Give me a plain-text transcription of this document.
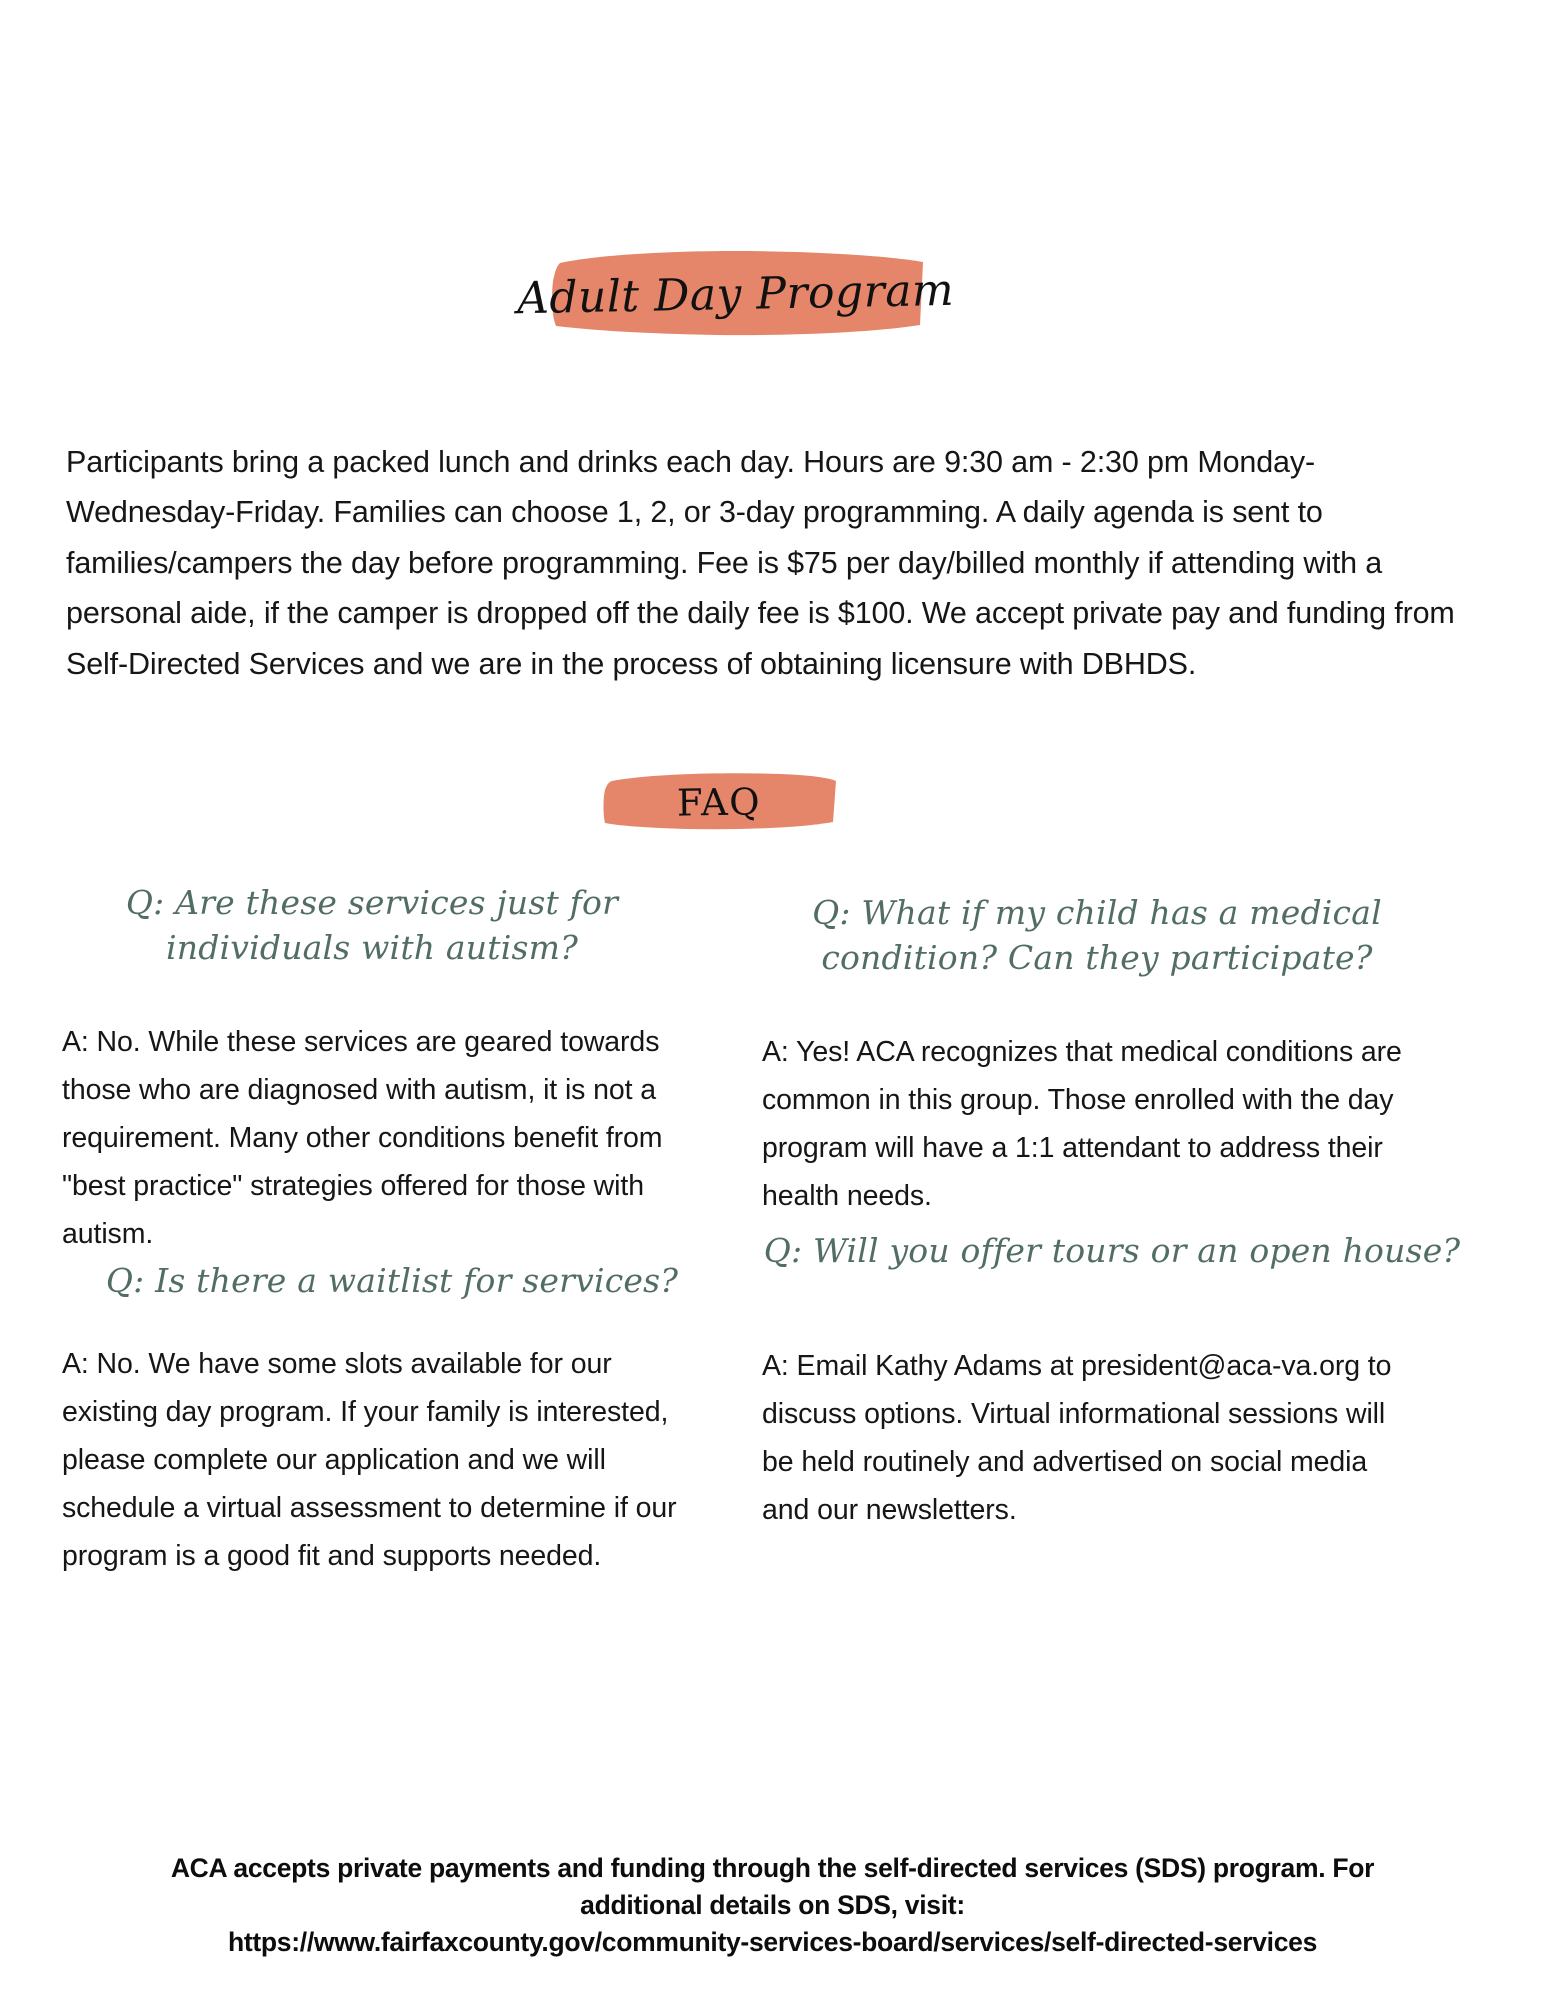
Adult Day Program

Participants bring a packed lunch and drinks each day. Hours are 9:30 am - 2:30 pm Monday-Wednesday-Friday. Families can choose 1, 2, or 3-day programming. A daily agenda is sent to families/campers the day before programming. Fee is $75 per day/billed monthly if attending with a personal aide, if the camper is dropped off the daily fee is $100. We accept private pay and funding from Self-Directed Services and we are in the process of obtaining licensure with DBHDS.

FAQ
Q: Are these services just for individuals with autism?
A: No. While these services are geared towards those who are diagnosed with autism, it is not a requirement. Many other conditions benefit from "best practice" strategies offered for those with autism.
Q: Is there a waitlist for services?
A: No. We have some slots available for our existing day program. If your family is interested, please complete our application and we will schedule a virtual assessment to determine if our program is a good fit and supports needed.
Q: What if my child has a medical condition? Can they participate?
A: Yes! ACA recognizes that medical conditions are common in this group. Those enrolled with the day program will have a 1:1 attendant to address their health needs.
Q: Will you offer tours or an open house?
A: Email Kathy Adams at president@aca-va.org to discuss options. Virtual informational sessions will be held routinely and advertised on social media and our newsletters.
ACA accepts private payments and funding through the self-directed services (SDS) program. For
additional details on SDS, visit:
https://www.fairfaxcounty.gov/community-services-board/services/self-directed-services
